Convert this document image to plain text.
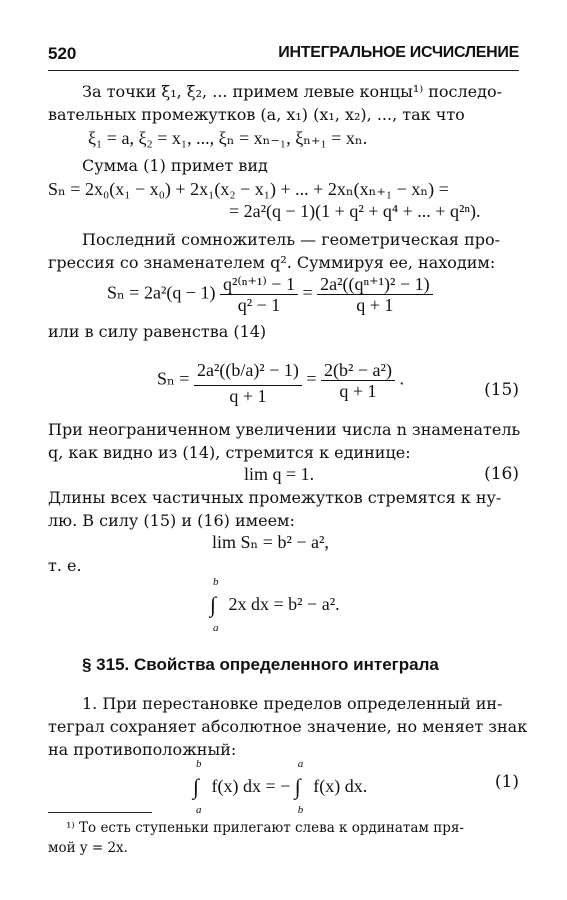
520	ИНТЕГРАЛЬНОЕ ИСЧИСЛЕНИЕ
За точки ξ₁, ξ₂, ... примем левые концы¹⁾ последо-
вательных промежутков (a, x₁) (x₁, x₂), ..., так что
ξ₁ = a, ξ₂ = x₁, ..., ξₙ = xₙ₋₁, ξₙ₊₁ = xₙ.
Сумма (1) примет вид
Sₙ = 2x₀(x₁ − x₀) + 2x₁(x₂ − x₁) + ... + 2xₙ(xₙ₊₁ − xₙ) =
= 2a²(q − 1)(1 + q² + q⁴ + ... + q²ⁿ).
Последний сомножитель — геометрическая про-
грессия со знаменателем q². Суммируя ее, находим:
$S_n = 2a^2(q - 1) \frac{\text{q²⁽ⁿ⁺¹⁾ − 1}}{\text{q² − 1}} = \frac{\text{2a²((qⁿ⁺¹)² − 1)}}{q + 1}$
или в силу равенства (14)
$S_n = \frac{\text{2a²((b/a)² − 1)}}{q + 1} = \frac{\text{2(b² − a²)}}{q + 1}$ .
(15)
При неограниченном увеличении числа n знаменатель
q, как видно из (14), стремится к единице:
lim q = 1.	(16)
Длины всех частичных промежутков стремятся к ну-
лю. В силу (15) и (16) имеем:
lim Sₙ = b² − a²,
т. е.
∫
b
a
2x dx = b² − a².
§ 315. Свойства определенного интеграла
1. При перестановке пределов определенный ин-
теграл сохраняет абсолютное значение, но меняет знак
на противоположный:
∫
b
a
f(x) dx = − ∫
a
b
f(x) dx.	(1)
¹⁾ То есть ступеньки прилегают слева к ординатам пря-
мой y = 2x.
